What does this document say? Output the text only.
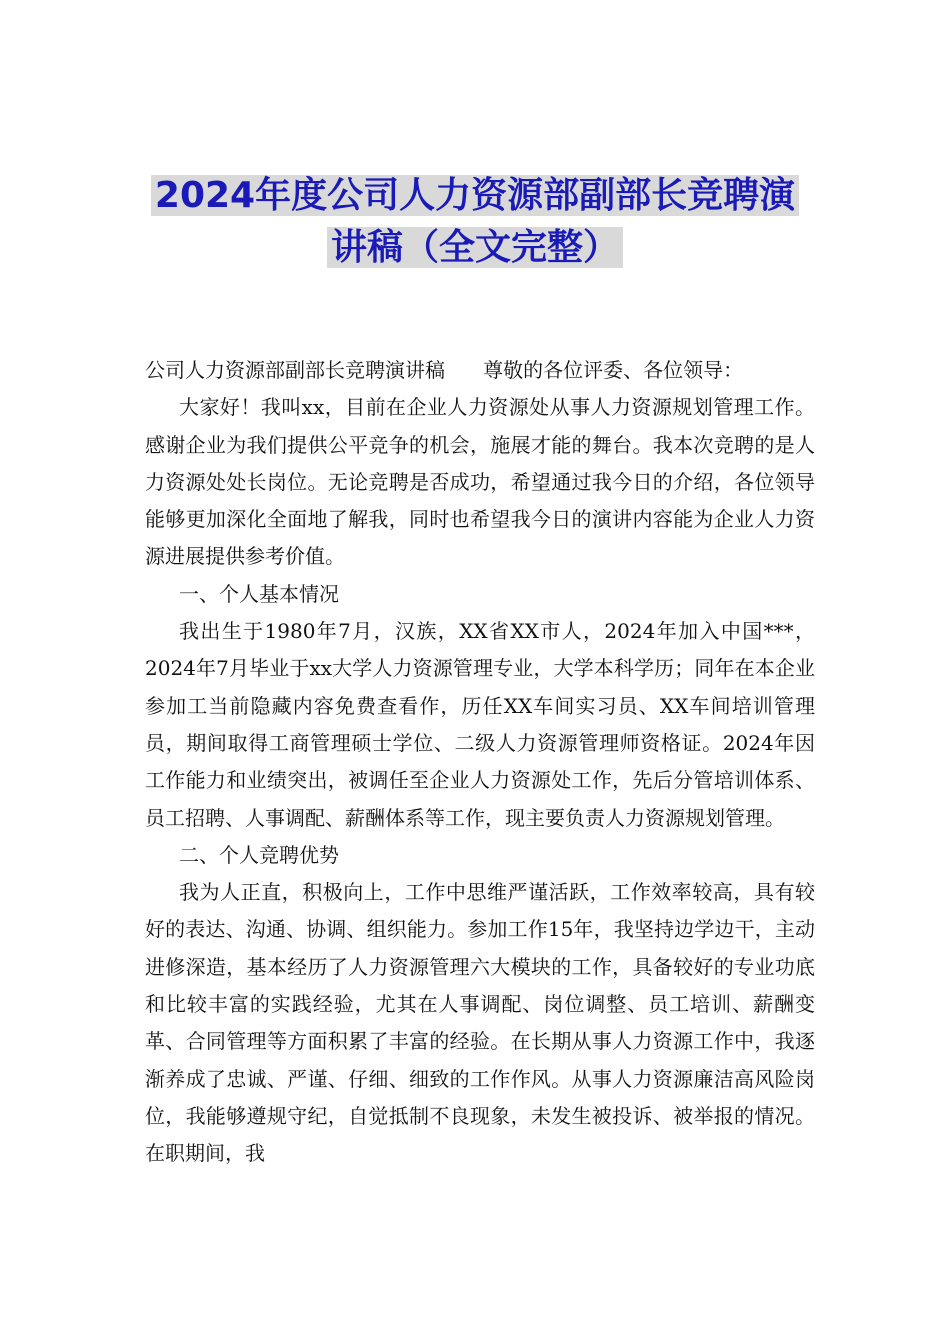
2024年度公司人力资源部副部长竞聘演
讲稿（全文完整）

公司人力资源部副部长竞聘演讲稿      尊敬的各位评委、各位领导：

大家好！我叫xx，目前在企业人力资源处从事人力资源规划管理工作。感谢企业为我们提供公平竞争的机会，施展才能的舞台。我本次竞聘的是人力资源处处长岗位。无论竞聘是否成功，希望通过我今日的介绍，各位领导能够更加深化全面地了解我，同时也希望我今日的演讲内容能为企业人力资源进展提供参考价值。

一、个人基本情况

我出生于1980年7月，汉族，XX省XX市人，2024年加入中国***，2024年7月毕业于xx大学人力资源管理专业，大学本科学历；同年在本企业参加工当前隐藏内容免费查看作，历任XX车间实习员、XX车间培训管理员，期间取得工商管理硕士学位、二级人力资源管理师资格证。2024年因工作能力和业绩突出，被调任至企业人力资源处工作，先后分管培训体系、员工招聘、人事调配、薪酬体系等工作，现主要负责人力资源规划管理。

二、个人竞聘优势

我为人正直，积极向上，工作中思维严谨活跃，工作效率较高，具有较好的表达、沟通、协调、组织能力。参加工作15年，我坚持边学边干，主动进修深造，基本经历了人力资源管理六大模块的工作，具备较好的专业功底和比较丰富的实践经验，尤其在人事调配、岗位调整、员工培训、薪酬变革、合同管理等方面积累了丰富的经验。在长期从事人力资源工作中，我逐渐养成了忠诚、严谨、仔细、细致的工作作风。从事人力资源廉洁高风险岗位，我能够遵规守纪，自觉抵制不良现象，未发生被投诉、被举报的情况。在职期间，我
